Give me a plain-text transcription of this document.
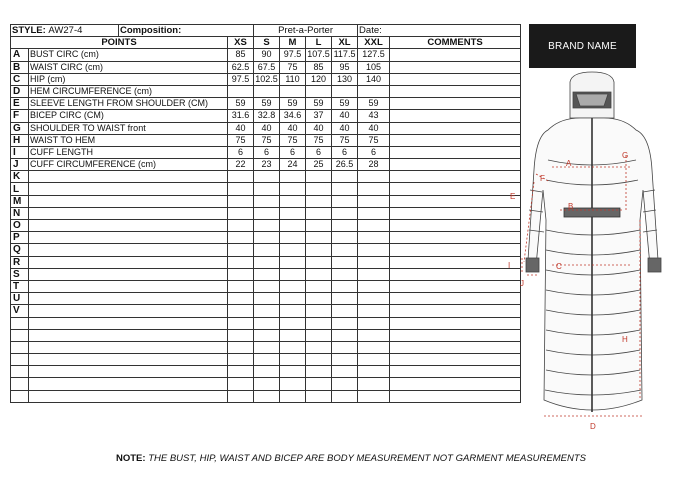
STYLE: AW27-4		Composition:		Pret-a-Porter				Date:	
POINTS			XS	S	M	L	XL	XXL	COMMENTS
A	BUST CIRC (cm)		85	90	97.5	107.5	117.5	127.5	
B	WAIST CIRC (cm)		62.5	67.5	75	85	95	105	
C	HIP (cm)		97.5	102.5	110	120	130	140	
D	HEM CIRCUMFERENCE (cm)								
E	SLEEVE LENGTH FROM SHOULDER (CM)		59	59	59	59	59	59	
F	BICEP CIRC (CM)		31.6	32.8	34.6	37	40	43	
G	SHOULDER TO WAIST front		40	40	40	40	40	40	
H	WAIST TO HEM		75	75	75	75	75	75	
I	CUFF LENGTH		6	6	6	6	6	6	
J	CUFF CIRCUMFERENCE (cm)		22	23	24	25	26.5	28	
K									
L									
M									
N									
O									
P									
Q									
R									
S									
T									
U									
V									

BRAND NAME
A
B
C
D
E
F
G
H
I
J
NOTE: THE BUST, HIP, WAIST AND BICEP ARE BODY MEASUREMENT NOT GARMENT MEASUREMENTS
